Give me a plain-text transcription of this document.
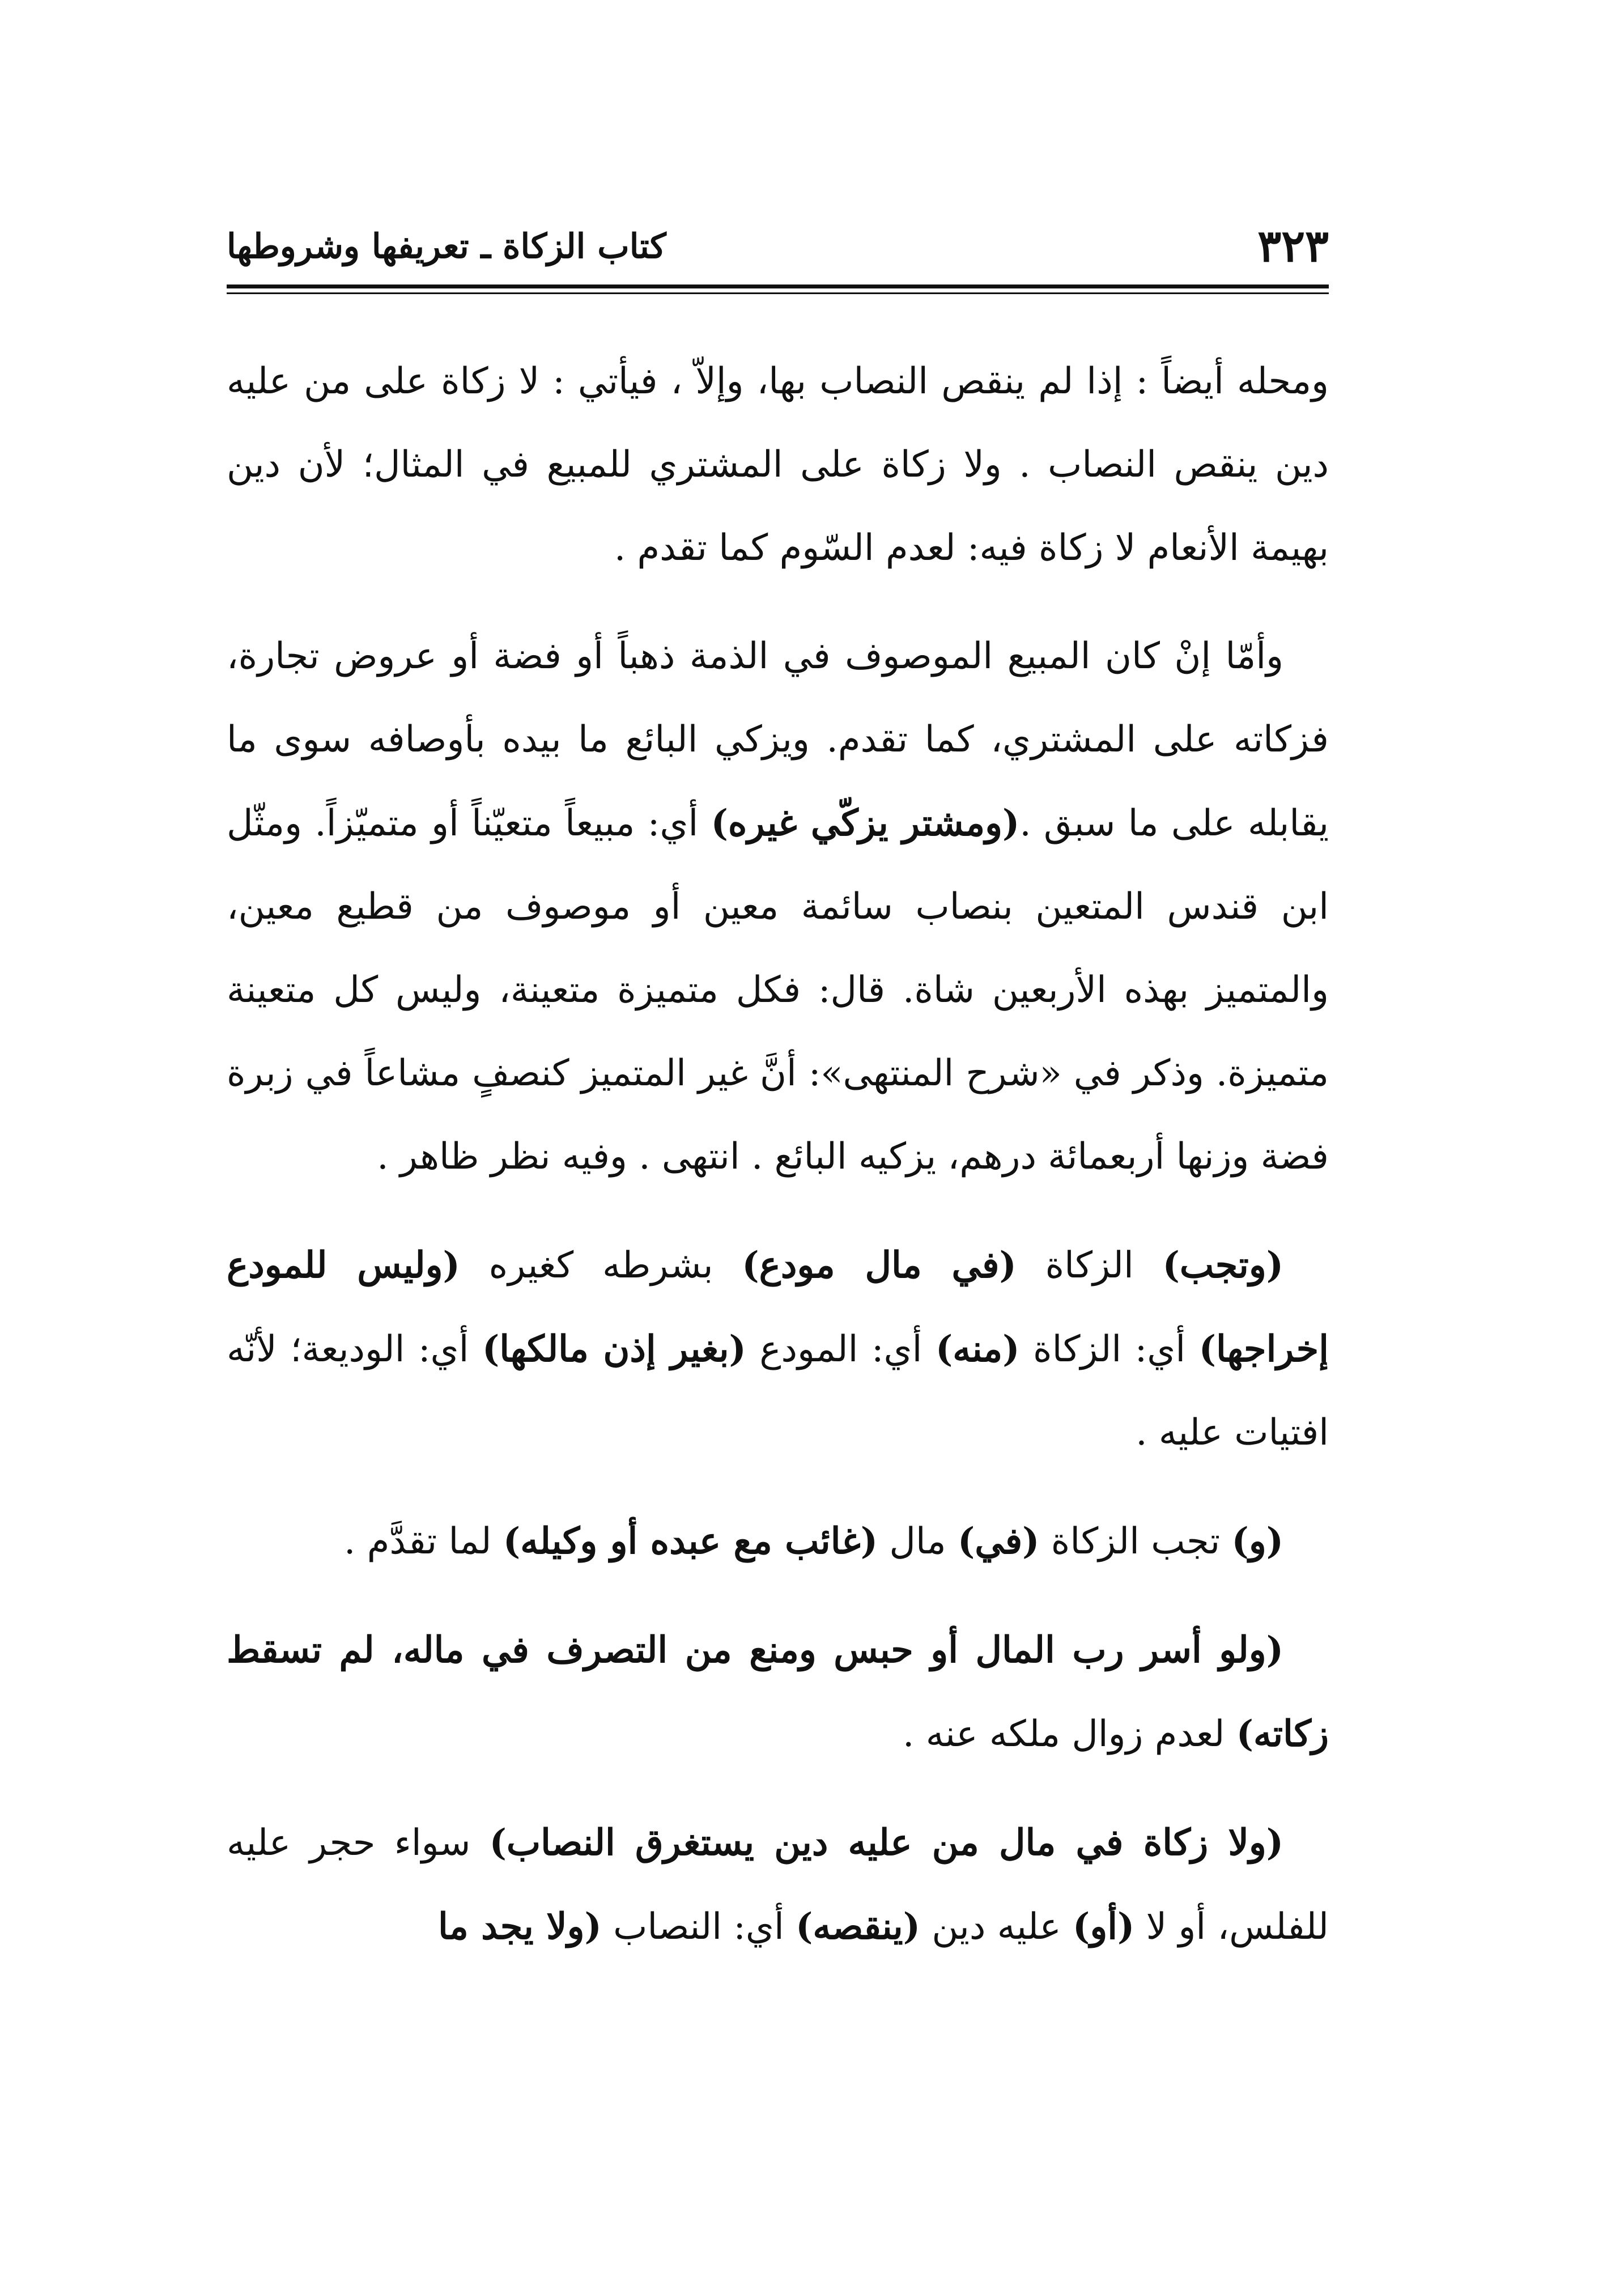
٣٢٣
كتاب الزكاة ـ تعريفها وشروطها

ومحله أيضاً : إذا لم ينقص النصاب بها، وإلاّ ، فيأتي : لا زكاة على من عليه دين ينقص النصاب . ولا زكاة على المشتري للمبيع في المثال؛ لأن دين بهيمة الأنعام لا زكاة فيه: لعدم السّوم كما تقدم .

وأمّا إنْ كان المبيع الموصوف في الذمة ذهباً أو فضة أو عروض تجارة، فزكاته على المشتري، كما تقدم. ويزكي البائع ما بيده بأوصافه سوى ما يقابله على ما سبق .(ومشتر يزكّي غيره) أي: مبيعاً متعيّناً أو متميّزاً. ومثّل ابن قندس المتعين بنصاب سائمة معين أو موصوف من قطيع معين، والمتميز بهذه الأربعين شاة. قال: فكل متميزة متعينة، وليس كل متعينة متميزة. وذكر في «شرح المنتهى»: أنَّ غير المتميز كنصفٍ مشاعاً في زبرة فضة وزنها أربعمائة درهم، يزكيه البائع . انتهى . وفيه نظر ظاهر .

(وتجب) الزكاة (في مال مودع) بشرطه كغيره (وليس للمودع إخراجها) أي: الزكاة (منه) أي: المودع (بغير إذن مالكها) أي: الوديعة؛ لأنّه افتيات عليه .

(و) تجب الزكاة (في) مال (غائب مع عبده أو وكيله) لما تقدَّم .

(ولو أسر رب المال أو حبس ومنع من التصرف في ماله، لم تسقط زكاته) لعدم زوال ملكه عنه .

(ولا زكاة في مال من عليه دين يستغرق النصاب) سواء حجر عليه للفلس، أو لا (أو) عليه دين (ينقصه) أي: النصاب (ولا يجد ما
